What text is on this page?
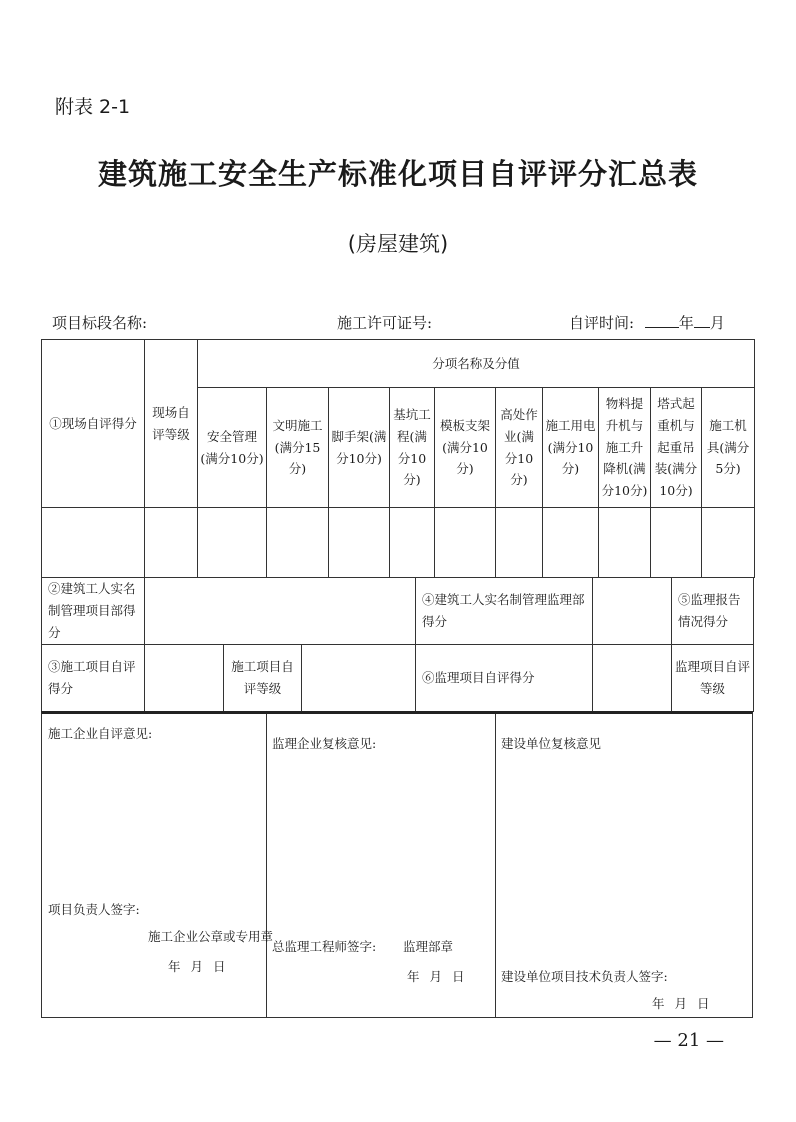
附表 2-1
建筑施工安全生产标准化项目自评评分汇总表
(房屋建筑)
项目标段名称:	施工许可证号:	自评时间:	年 月
①现场自评得分	现场自评等级	分项名称及分值									
		安全管理(满分10分)	文明施工(满分15分)	脚手架(满分10分)	基坑工程(满分10分)	模板支架(满分10分)	高处作业(满分10分)	施工用电(满分10分)	物料提升机与施工升降机(满分10分)	塔式起重机与起重吊装(满分10分)	施工机具(满分5分)

②建筑工人实名制管理项目部得分				④建筑工人实名制管理监理部得分		⑤监理报告情况得分
③施工项目自评得分		施工项目自评等级		⑥监理项目自评得分		监理项目自评等级
施工企业自评意见:
项目负责人签字:
施工企业公章或专用章
年 月 日
监理企业复核意见:
总监理工程师签字: 监理部章
年 月 日
建设单位复核意见
建设单位项目技术负责人签字:
年 月 日
— 21 —
